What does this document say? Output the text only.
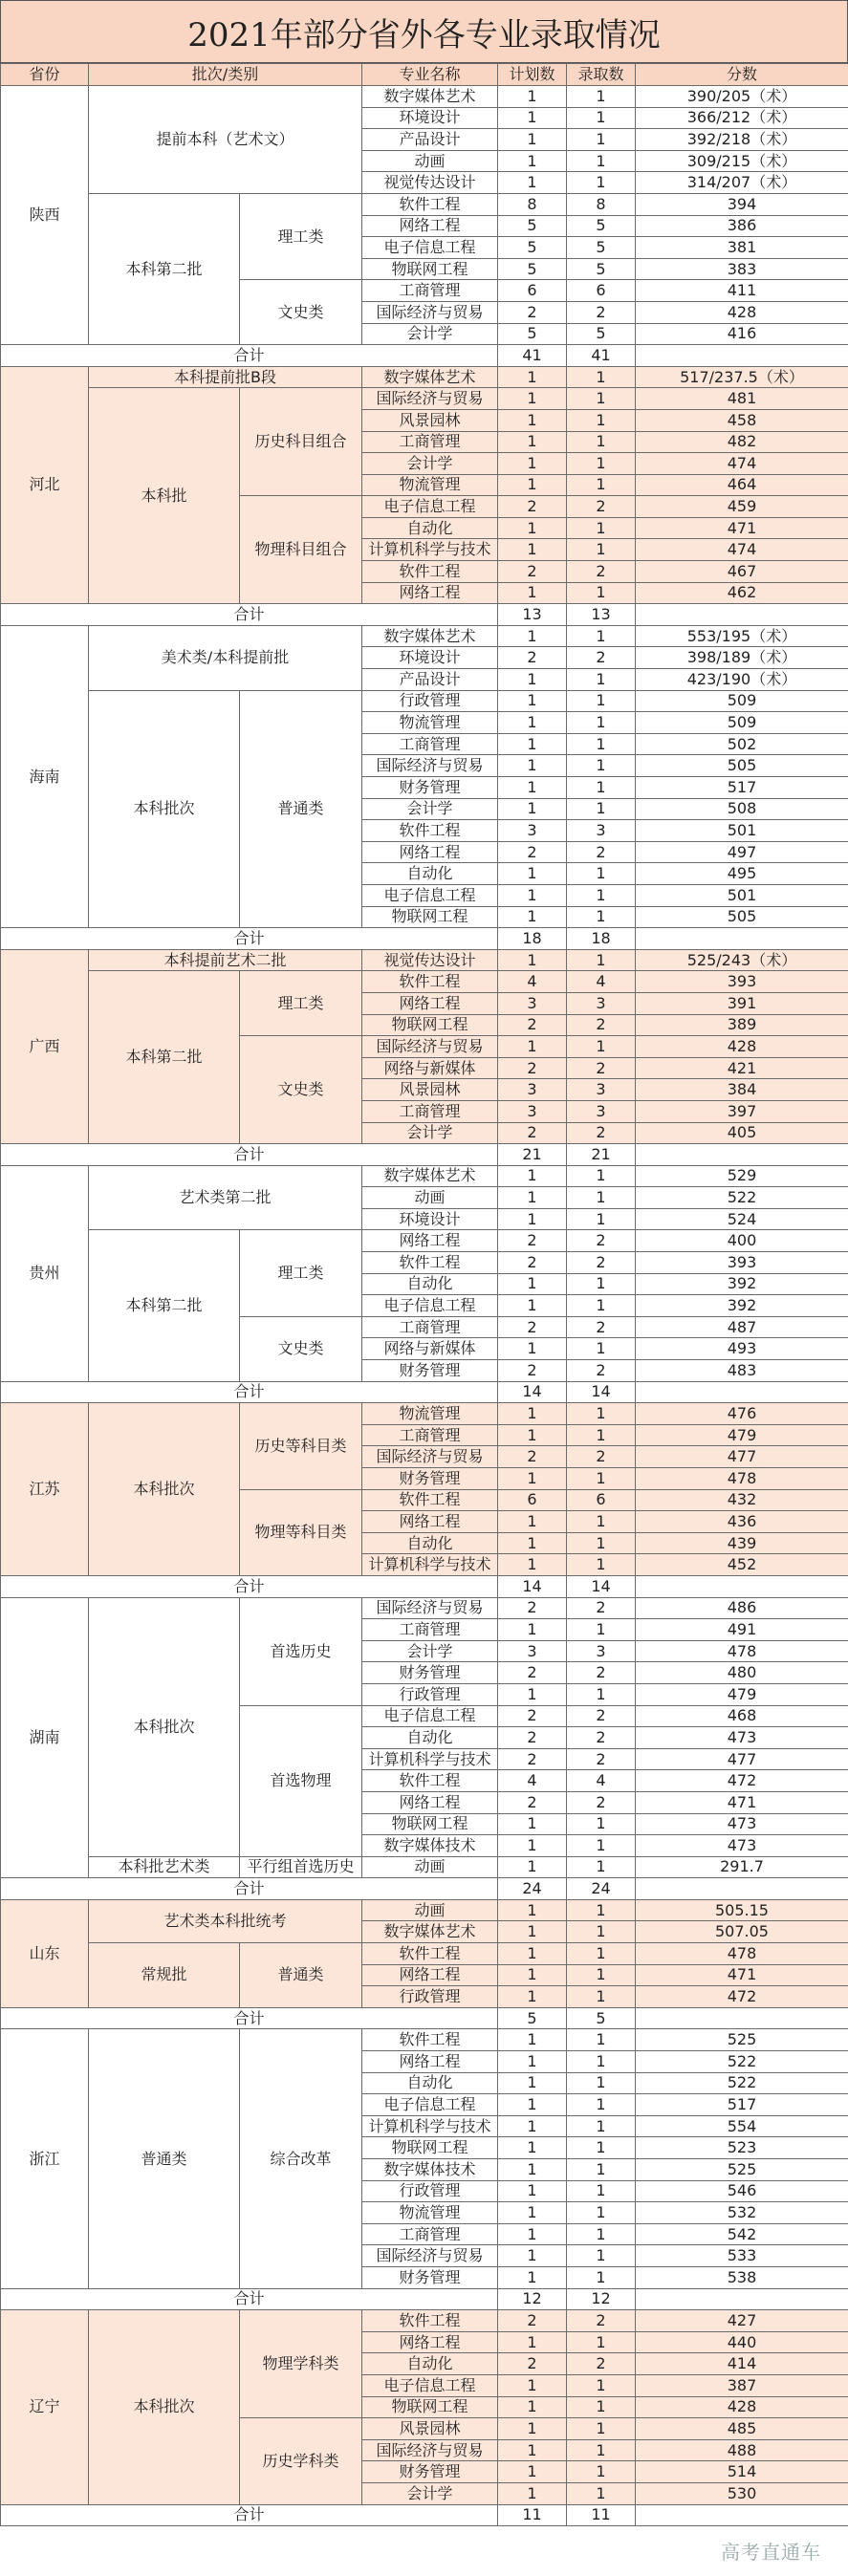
2021年部分省外各专业录取情况
省份	批次/类别		专业名称	计划数	录取数	分数
陕西	提前本科（艺术文）		数字媒体艺术	1	1	390/205（术）
			环境设计	1	1	366/212（术）
			产品设计	1	1	392/218（术）
			动画	1	1	309/215（术）
			视觉传达设计	1	1	314/207（术）
	本科第二批	理工类	软件工程	8	8	394
			网络工程	5	5	386
			电子信息工程	5	5	381
			物联网工程	5	5	383
		文史类	工商管理	6	6	411
			国际经济与贸易	2	2	428
			会计学	5	5	416
合计				41	41	
河北	本科提前批B段		数字媒体艺术	1	1	517/237.5（术）
	本科批	历史科目组合	国际经济与贸易	1	1	481
			风景园林	1	1	458
			工商管理	1	1	482
			会计学	1	1	474
			物流管理	1	1	464
		物理科目组合	电子信息工程	2	2	459
			自动化	1	1	471
			计算机科学与技术	1	1	474
			软件工程	2	2	467
			网络工程	1	1	462
合计				13	13	
海南	美术类/本科提前批		数字媒体艺术	1	1	553/195（术）
			环境设计	2	2	398/189（术）
			产品设计	1	1	423/190（术）
	本科批次	普通类	行政管理	1	1	509
			物流管理	1	1	509
			工商管理	1	1	502
			国际经济与贸易	1	1	505
			财务管理	1	1	517
			会计学	1	1	508
			软件工程	3	3	501
			网络工程	2	2	497
			自动化	1	1	495
			电子信息工程	1	1	501
			物联网工程	1	1	505
合计				18	18	
广西	本科提前艺术二批		视觉传达设计	1	1	525/243（术）
	本科第二批	理工类	软件工程	4	4	393
			网络工程	3	3	391
			物联网工程	2	2	389
		文史类	国际经济与贸易	1	1	428
			网络与新媒体	2	2	421
			风景园林	3	3	384
			工商管理	3	3	397
			会计学	2	2	405
合计				21	21	
贵州	艺术类第二批		数字媒体艺术	1	1	529
			动画	1	1	522
			环境设计	1	1	524
	本科第二批	理工类	网络工程	2	2	400
			软件工程	2	2	393
			自动化	1	1	392
			电子信息工程	1	1	392
		文史类	工商管理	2	2	487
			网络与新媒体	1	1	493
			财务管理	2	2	483
合计				14	14	
江苏	本科批次	历史等科目类	物流管理	1	1	476
			工商管理	1	1	479
			国际经济与贸易	2	2	477
			财务管理	1	1	478
		物理等科目类	软件工程	6	6	432
			网络工程	1	1	436
			自动化	1	1	439
			计算机科学与技术	1	1	452
合计				14	14	
湖南	本科批次	首选历史	国际经济与贸易	2	2	486
			工商管理	1	1	491
			会计学	3	3	478
			财务管理	2	2	480
			行政管理	1	1	479
		首选物理	电子信息工程	2	2	468
			自动化	2	2	473
			计算机科学与技术	2	2	477
			软件工程	4	4	472
			网络工程	2	2	471
			物联网工程	1	1	473
			数字媒体技术	1	1	473
	本科批艺术类	平行组首选历史	动画	1	1	291.7
合计				24	24	
山东	艺术类本科批统考		动画	1	1	505.15
			数字媒体艺术	1	1	507.05
	常规批	普通类	软件工程	1	1	478
			网络工程	1	1	471
			行政管理	1	1	472
合计				5	5	
浙江	普通类	综合改革	软件工程	1	1	525
			网络工程	1	1	522
			自动化	1	1	522
			电子信息工程	1	1	517
			计算机科学与技术	1	1	554
			物联网工程	1	1	523
			数字媒体技术	1	1	525
			行政管理	1	1	546
			物流管理	1	1	532
			工商管理	1	1	542
			国际经济与贸易	1	1	533
			财务管理	1	1	538
合计				12	12	
辽宁	本科批次	物理学科类	软件工程	2	2	427
			网络工程	1	1	440
			自动化	2	2	414
			电子信息工程	1	1	387
			物联网工程	1	1	428
		历史学科类	风景园林	1	1	485
			国际经济与贸易	1	1	488
			财务管理	1	1	514
			会计学	1	1	530
合计				11	11	
高考直通车
